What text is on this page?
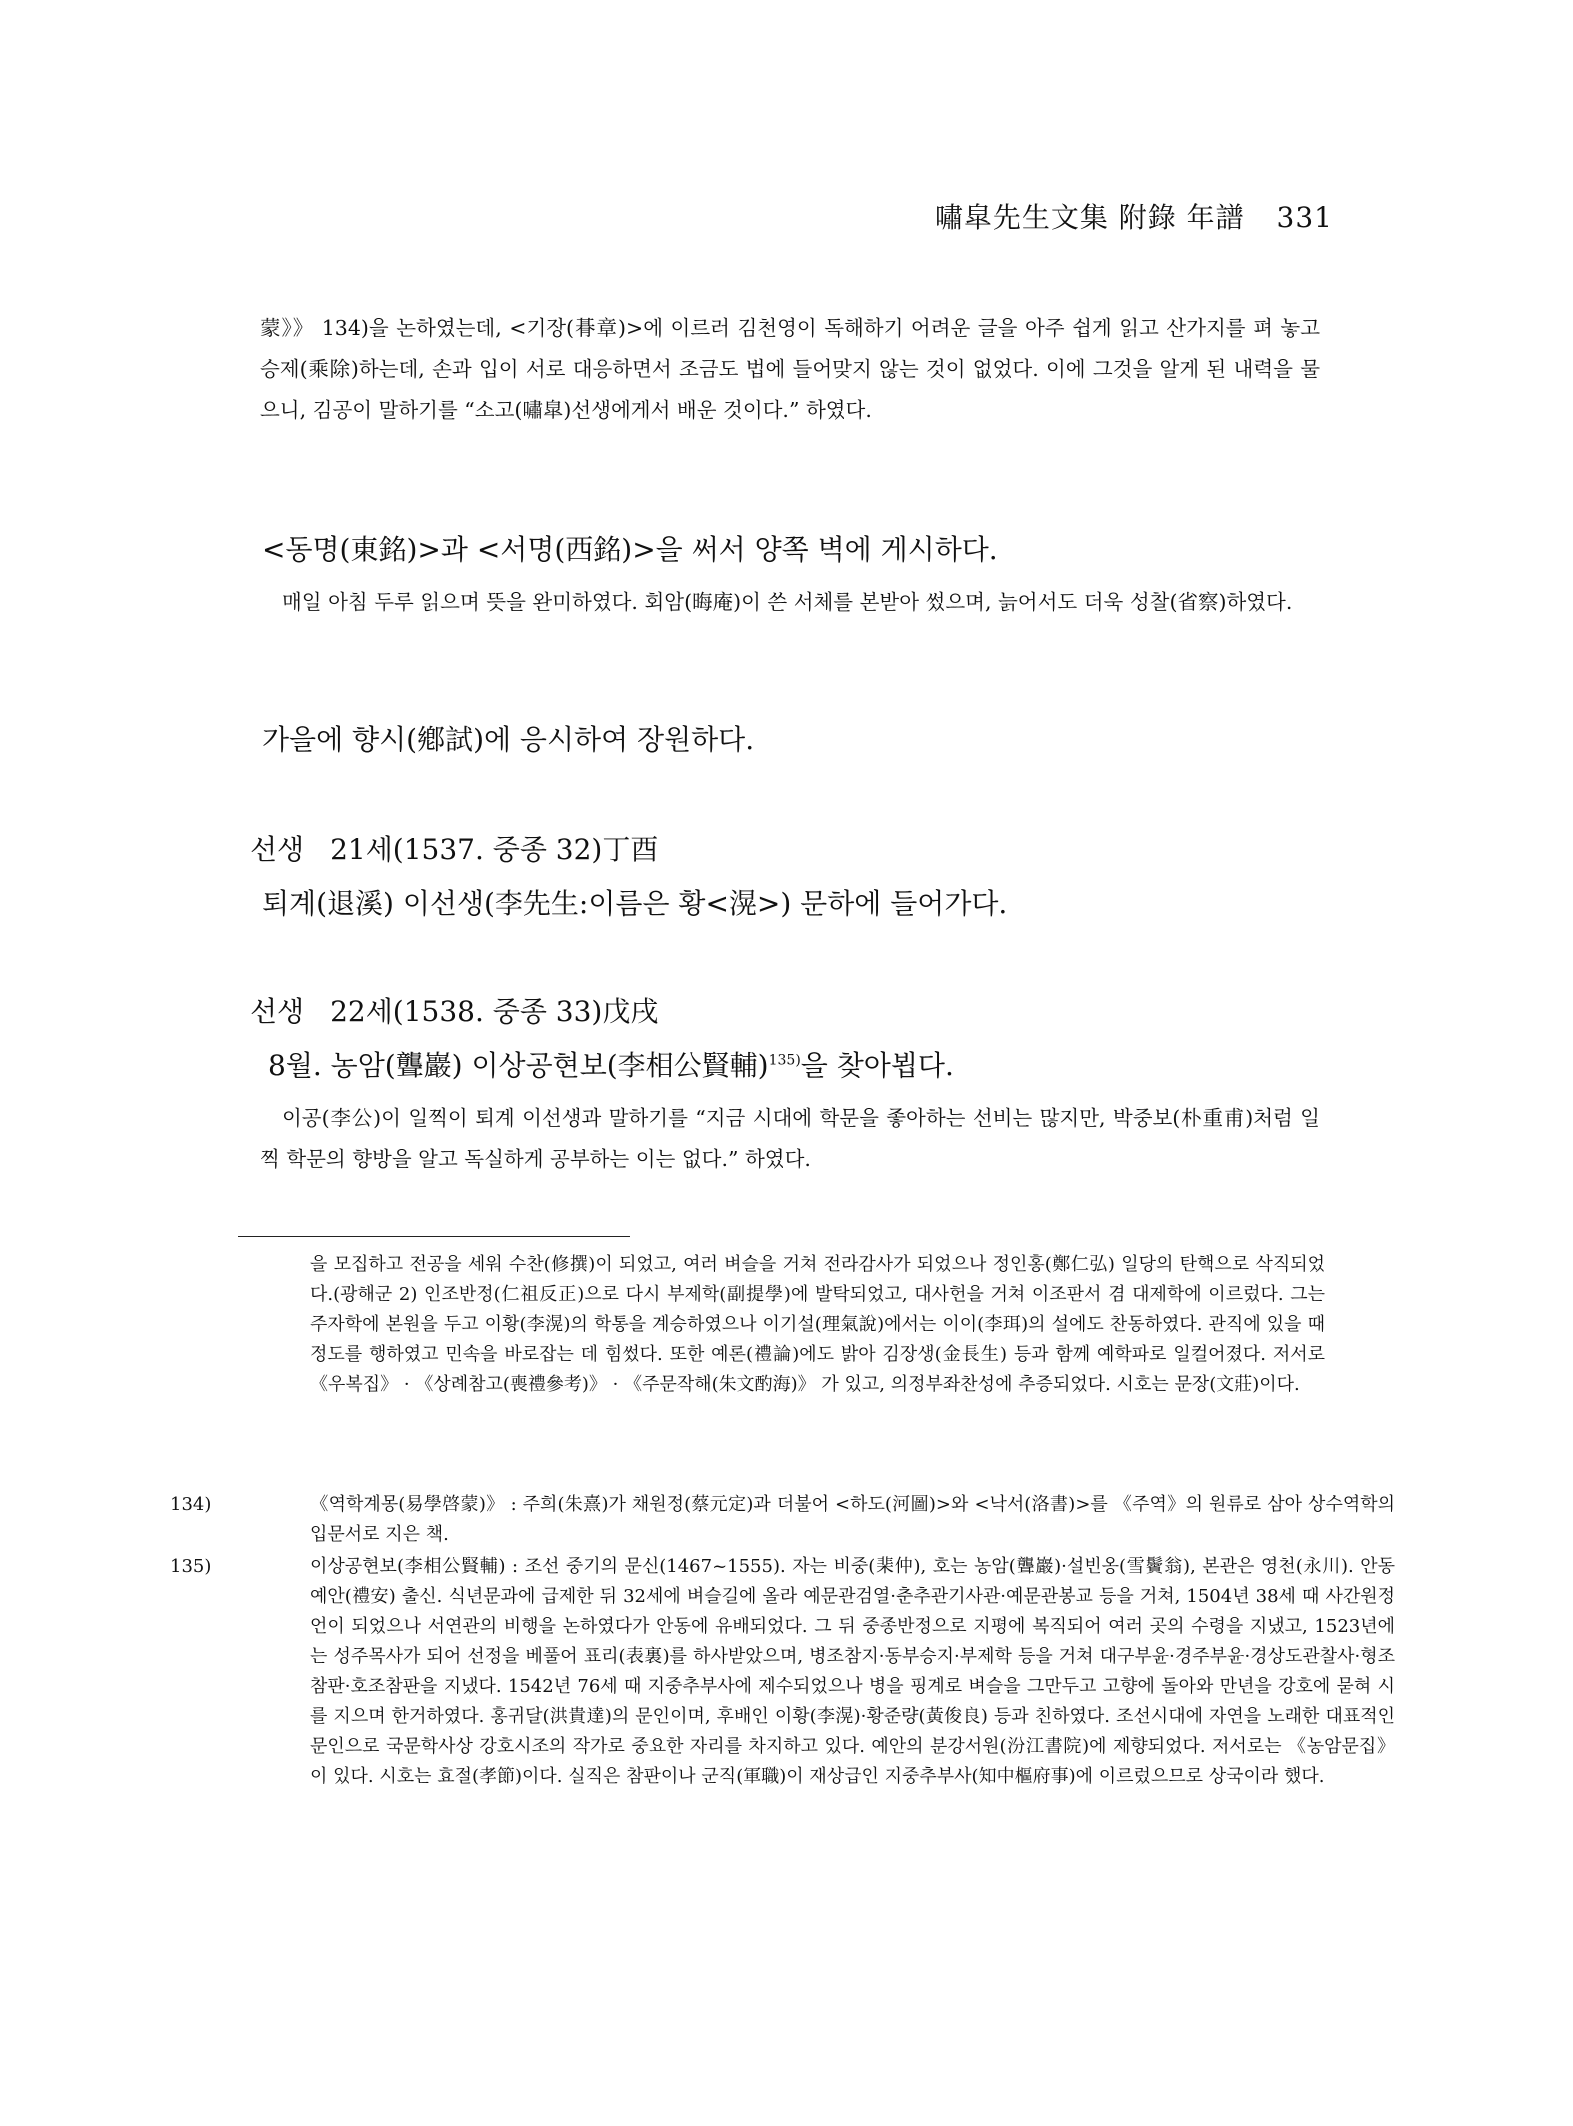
嘯皐先生文集 附錄 年譜 331

蒙》》 134)을 논하였는데, <기장(朞章)>에 이르러 김천영이 독해하기 어려운 글을 아주 쉽게 읽고 산가지를 펴 놓고 승제(乘除)하는데, 손과 입이 서로 대응하면서 조금도 법에 들어맞지 않는 것이 없었다. 이에 그것을 알게 된 내력을 물으니, 김공이 말하기를 “소고(嘯皐)선생에게서 배운 것이다.” 하였다.

<동명(東銘)>과 <서명(西銘)>을 써서 양쪽 벽에 게시하다.

매일 아침 두루 읽으며 뜻을 완미하였다. 회암(晦庵)이 쓴 서체를 본받아 썼으며, 늙어서도 더욱 성찰(省察)하였다.

가을에 향시(鄕試)에 응시하여 장원하다.
선생 21세(1537. 중종 32)丁酉
퇴계(退溪) 이선생(李先生:이름은 황<滉>) 문하에 들어가다.
선생 22세(1538. 중종 33)戊戌
8월. 농암(聾巖) 이상공현보(李相公賢輔)$^{135)}$을 찾아뵙다.

이공(李公)이 일찍이 퇴계 이선생과 말하기를 “지금 시대에 학문을 좋아하는 선비는 많지만, 박중보(朴重甫)처럼 일찍 학문의 향방을 알고 독실하게 공부하는 이는 없다.” 하였다.

을 모집하고 전공을 세워 수찬(修撰)이 되었고, 여러 벼슬을 거쳐 전라감사가 되었으나 정인홍(鄭仁弘) 일당의 탄핵으로 삭직되었다.(광해군 2) 인조반정(仁祖反正)으로 다시 부제학(副提學)에 발탁되었고, 대사헌을 거쳐 이조판서 겸 대제학에 이르렀다. 그는 주자학에 본원을 두고 이황(李滉)의 학통을 계승하였으나 이기설(理氣說)에서는 이이(李珥)의 설에도 찬동하였다. 관직에 있을 때 정도를 행하였고 민속을 바로잡는 데 힘썼다. 또한 예론(禮論)에도 밝아 김장생(金長生) 등과 함께 예학파로 일컬어졌다. 저서로 《우복집》 · 《상례참고(喪禮參考)》 · 《주문작해(朱文酌海)》 가 있고, 의정부좌찬성에 추증되었다. 시호는 문장(文莊)이다.

134)	《역학계몽(易學啓蒙)》 : 주희(朱熹)가 채원정(蔡元定)과 더불어 <하도(河圖)>와 <낙서(洛書)>를 《주역》의 원류로 삼아 상수역학의 입문서로 지은 책.

135)	이상공현보(李相公賢輔) : 조선 중기의 문신(1467~1555). 자는 비중(棐仲), 호는 농암(聾巖)·설빈옹(雪鬢翁), 본관은 영천(永川). 안동 예안(禮安) 출신. 식년문과에 급제한 뒤 32세에 벼슬길에 올라 예문관검열·춘추관기사관·예문관봉교 등을 거쳐, 1504년 38세 때 사간원정언이 되었으나 서연관의 비행을 논하였다가 안동에 유배되었다. 그 뒤 중종반정으로 지평에 복직되어 여러 곳의 수령을 지냈고, 1523년에는 성주목사가 되어 선정을 베풀어 표리(表裏)를 하사받았으며, 병조참지·동부승지·부제학 등을 거쳐 대구부윤·경주부윤·경상도관찰사·형조참판·호조참판을 지냈다. 1542년 76세 때 지중추부사에 제수되었으나 병을 핑계로 벼슬을 그만두고 고향에 돌아와 만년을 강호에 묻혀 시를 지으며 한거하였다. 홍귀달(洪貴達)의 문인이며, 후배인 이황(李滉)·황준량(黃俊良) 등과 친하였다. 조선시대에 자연을 노래한 대표적인 문인으로 국문학사상 강호시조의 작가로 중요한 자리를 차지하고 있다. 예안의 분강서원(汾江書院)에 제향되었다. 저서로는 《농암문집》 이 있다. 시호는 효절(孝節)이다. 실직은 참판이나 군직(軍職)이 재상급인 지중추부사(知中樞府事)에 이르렀으므로 상국이라 했다.
